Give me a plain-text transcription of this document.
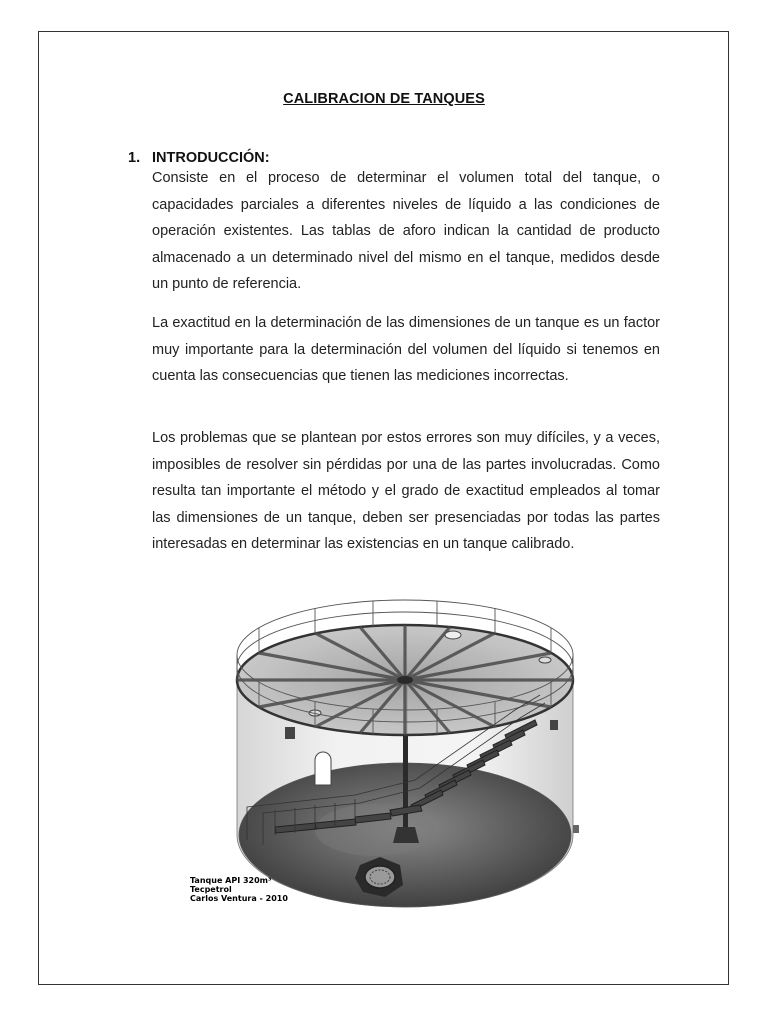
CALIBRACION DE TANQUES
1. INTRODUCCIÓN:
Consiste en el proceso de determinar el volumen total del tanque, o capacidades parciales a diferentes niveles de líquido a las condiciones de operación existentes. Las tablas de aforo indican la cantidad de producto almacenado a un determinado nivel del mismo en el tanque, medidos desde un punto de referencia.
La exactitud en la determinación de las dimensiones de un tanque es un factor muy importante para la determinación del volumen del líquido si tenemos en cuenta las consecuencias que tienen las mediciones incorrectas.
Los problemas que se plantean por estos errores son muy difíciles, y a veces, imposibles de resolver sin pérdidas por una de las partes involucradas. Como resulta tan importante el método y el grado de exactitud empleados al tomar las dimensiones de un tanque, deben ser presenciadas por todas las partes interesadas en determinar las existencias en un tanque calibrado.
Tanque API 320m³
Tecpetrol
Carlos Ventura - 2010
